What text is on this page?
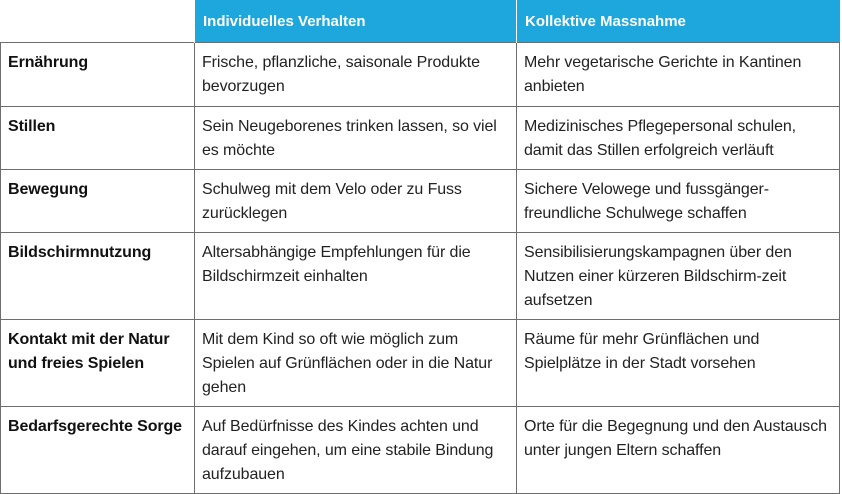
	Individuelles Verhalten	Kollektive Massnahme
Ernährung	Frische, pflanzliche, saisonale Produkte bevorzugen	Mehr vegetarische Gerichte in Kantinen anbieten
Stillen	Sein Neugeborenes trinken lassen, so viel es möchte	Medizinisches Pflegepersonal schulen, damit das Stillen erfolgreich verläuft
Bewegung	Schulweg mit dem Velo oder zu Fuss zurücklegen	Sichere Velowege und fussgänger-freundliche Schulwege schaffen
Bildschirmnutzung	Altersabhängige Empfehlungen für die Bildschirmzeit einhalten	Sensibilisierungskampagnen über den Nutzen einer kürzeren Bildschirm-zeit aufsetzen
Kontakt mit der Natur und freies Spielen	Mit dem Kind so oft wie möglich zum Spielen auf Grünflächen oder in die Natur gehen	Räume für mehr Grünflächen und Spielplätze in der Stadt vorsehen
Bedarfsgerechte Sorge	Auf Bedürfnisse des Kindes achten und darauf eingehen, um eine stabile Bindung aufzubauen	Orte für die Begegnung und den Austausch unter jungen Eltern schaffen
